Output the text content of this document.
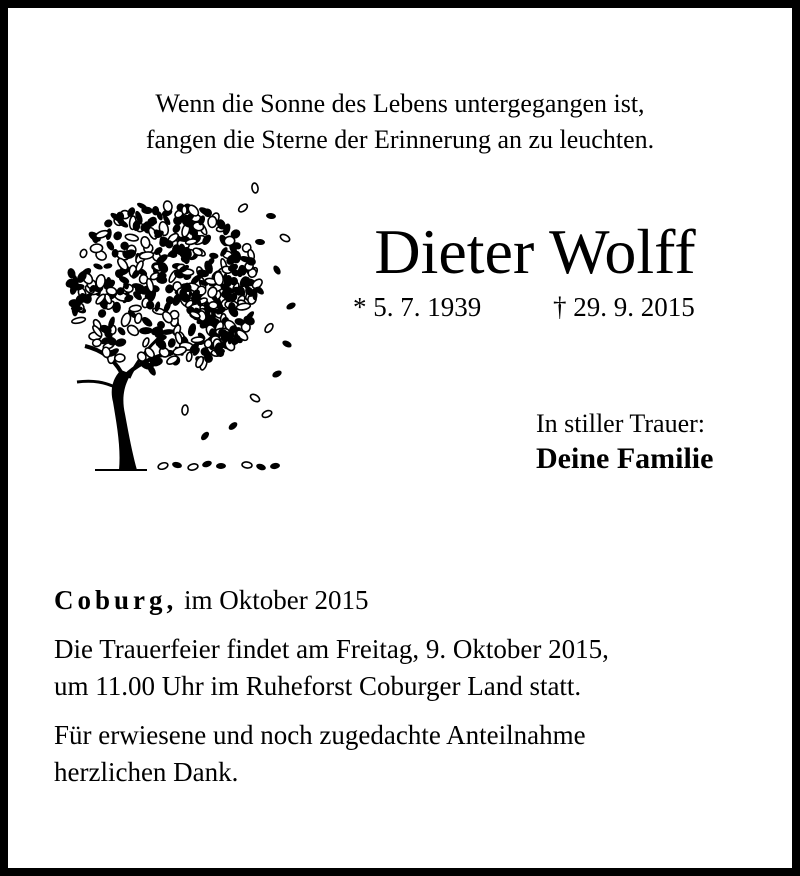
Wenn die Sonne des Lebens untergegangen ist,
fangen die Sterne der Erinnerung an zu leuchten.
Dieter Wolff
* 5. 7. 1939	† 29. 9. 2015
In stiller Trauer:
Deine Familie
Coburg, im Oktober 2015
Die Trauerfeier findet am Freitag, 9. Oktober 2015,
um 11.00 Uhr im Ruheforst Coburger Land statt.
Für erwiesene und noch zugedachte Anteilnahme
herzlichen Dank.
